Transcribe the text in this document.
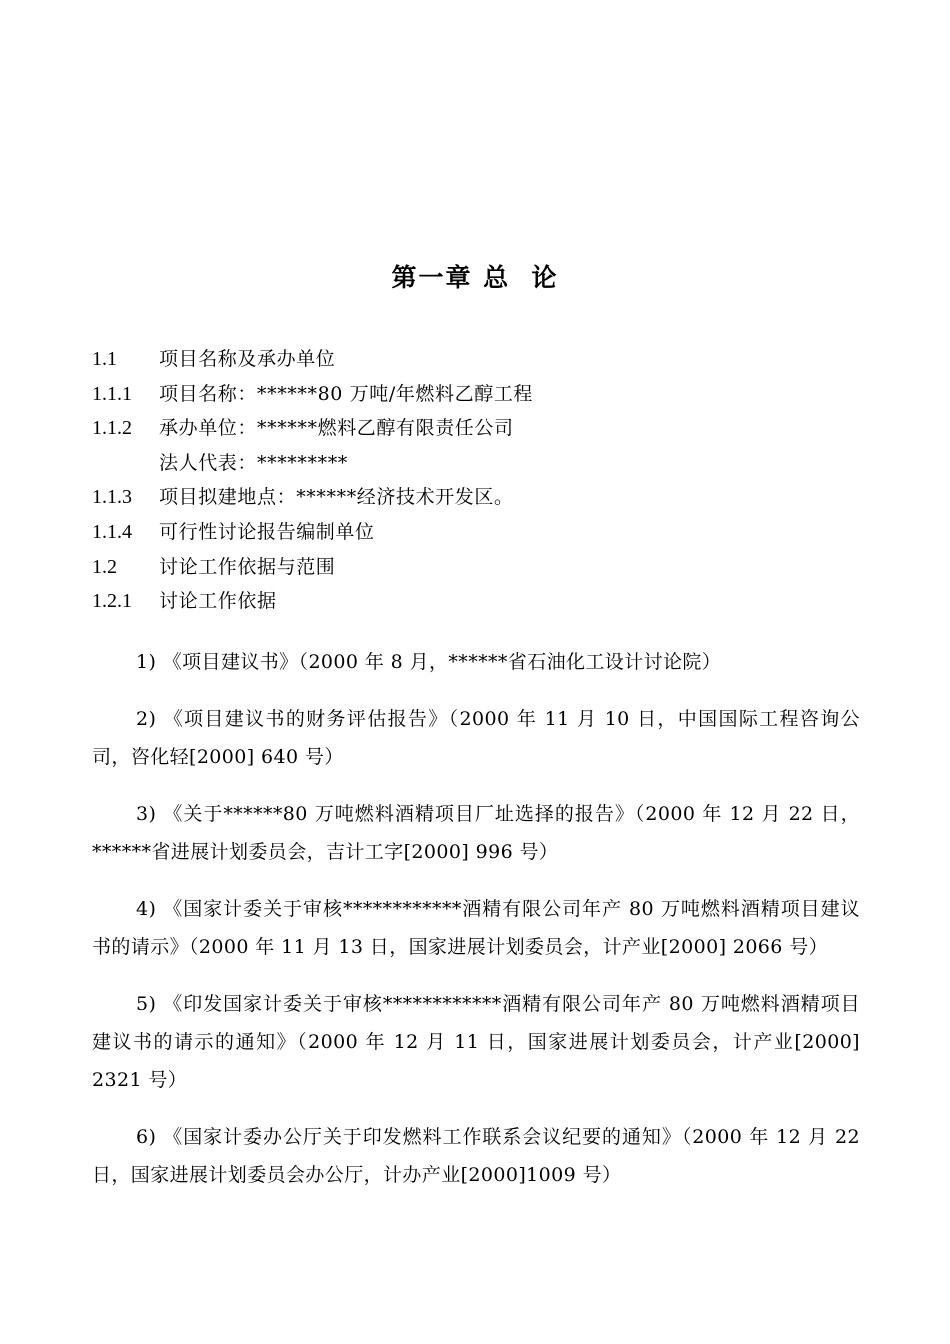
第一章 总  论
1.1 项目名称及承办单位
1.1.1 项目名称：******80 万吨/年燃料乙醇工程
1.1.2 承办单位：******燃料乙醇有限责任公司
法人代表：*********
1.1.3 项目拟建地点：******经济技术开发区。
1.1.4 可行性讨论报告编制单位
1.2 讨论工作依据与范围
1.2.1 讨论工作依据

1) 《项目建议书》（2000 年 8 月，******省石油化工设计讨论院）

2) 《项目建议书的财务评估报告》（2000 年 11 月 10 日，中国国际工程咨询公司，咨化轻[2000] 640 号）

3) 《关于******80 万吨燃料酒精项目厂址选择的报告》（2000 年 12 月 22 日，******省进展计划委员会，吉计工字[2000] 996 号）

4) 《国家计委关于审核************酒精有限公司年产 80 万吨燃料酒精项目建议书的请示》（2000 年 11 月 13 日，国家进展计划委员会，计产业[2000] 2066 号）

5) 《印发国家计委关于审核************酒精有限公司年产 80 万吨燃料酒精项目建议书的请示的通知》（2000 年 12 月 11 日，国家进展计划委员会，计产业[2000] 2321 号）

6) 《国家计委办公厅关于印发燃料工作联系会议纪要的通知》（2000 年 12 月 22 日，国家进展计划委员会办公厅，计办产业[2000]1009 号）
